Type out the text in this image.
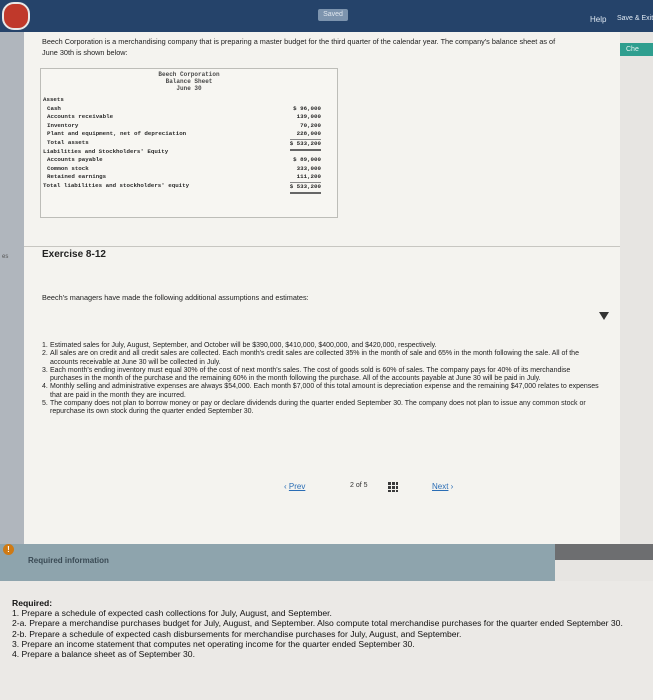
Saved
Help Save & Exit
Che
es
Beech Corporation is a merchandising company that is preparing a master budget for the third quarter of the calendar year. The company's balance sheet as of June 30th is shown below:
Beech Corporation
Balance Sheet
June 30
Assets
Cash	$ 96,000
Accounts receivable	139,000
Inventory	70,200
Plant and equipment, net of depreciation	228,000
Total assets	$ 533,200
Liabilities and Stockholders' Equity
Accounts payable	$ 89,000
Common stock	333,000
Retained earnings	111,200
Total liabilities and stockholders' equity	$ 533,200
Exercise 8-12
Beech's managers have made the following additional assumptions and estimates:
1. Estimated sales for July, August, September, and October will be $390,000, $410,000, $400,000, and $420,000, respectively.
2. All sales are on credit and all credit sales are collected. Each month's credit sales are collected 35% in the month of sale and 65% in the month following the sale. All of the accounts receivable at June 30 will be collected in July.
3. Each month's ending inventory must equal 30% of the cost of next month's sales. The cost of goods sold is 60% of sales. The company pays for 40% of its merchandise purchases in the month of the purchase and the remaining 60% in the month following the purchase. All of the accounts payable at June 30 will be paid in July.
4. Monthly selling and administrative expenses are always $54,000. Each month $7,000 of this total amount is depreciation expense and the remaining $47,000 relates to expenses that are paid in the month they are incurred.
5. The company does not plan to borrow money or pay or declare dividends during the quarter ended September 30. The company does not plan to issue any common stock or repurchase its own stock during the quarter ended September 30.
‹ Prev	2 of 5	Next ›
!
Required information
Required:
1. Prepare a schedule of expected cash collections for July, August, and September.
2-a. Prepare a merchandise purchases budget for July, August, and September. Also compute total merchandise purchases for the quarter ended September 30.
2-b. Prepare a schedule of expected cash disbursements for merchandise purchases for July, August, and September.
3. Prepare an income statement that computes net operating income for the quarter ended September 30.
4. Prepare a balance sheet as of September 30.
